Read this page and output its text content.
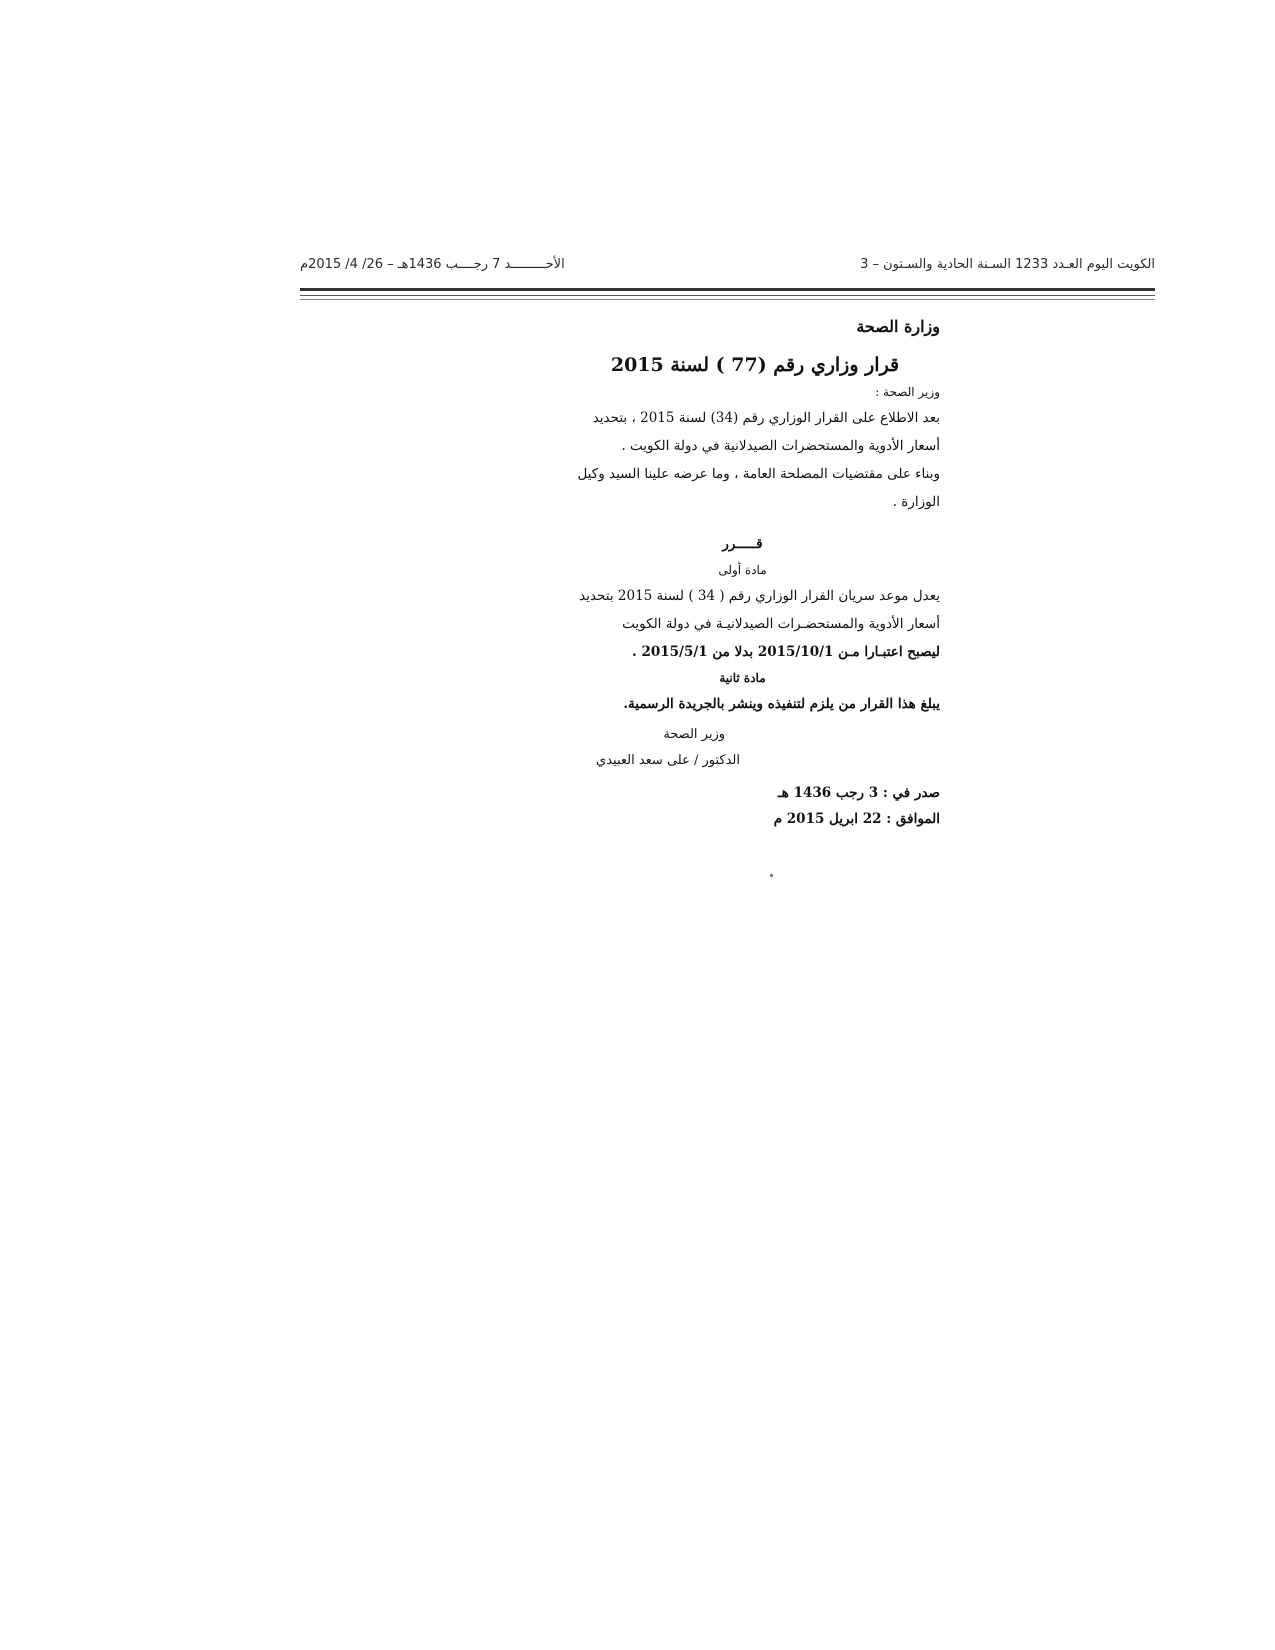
الكويت اليوم العـدد 1233 السـنة الحادية والسـتون – 3
الأحـــــــــد 7 رجــــب 1436هـ – 26/ 4/ 2015م

وزارة الصحة

قرار وزاري رقم (77 ) لسنة 2015

وزير الصحة :

بعد الاطلاع على القرار الوزاري رقم (34) لسنة 2015 ، بتحديد

أسعار الأدوية والمستحضرات الصيدلانية في دولة الكويت .

وبناء على مقتضيات المصلحة العامة ، وما عرضه علينا السيد وكيل

الوزارة .

قـــــرر

مادة أولى

يعدل موعد سريان القرار الوزاري رقم ( 34 ) لسنة 2015 بتحديد

أسعار الأدوية والمستحضـرات الصيدلانيـة في دولة الكويت

ليصبح اعتبـارا مـن 2015/10/1 بدلا من 2015/5/1 .

مادة ثانية

يبلغ هذا القرار من يلزم لتنفيذه وينشر بالجريدة الرسمية.

وزير الصحة

الدكتور / على سعد العبيدي

صدر في : 3 رجب 1436 هـ

الموافق : 22 ابريل 2015 م
